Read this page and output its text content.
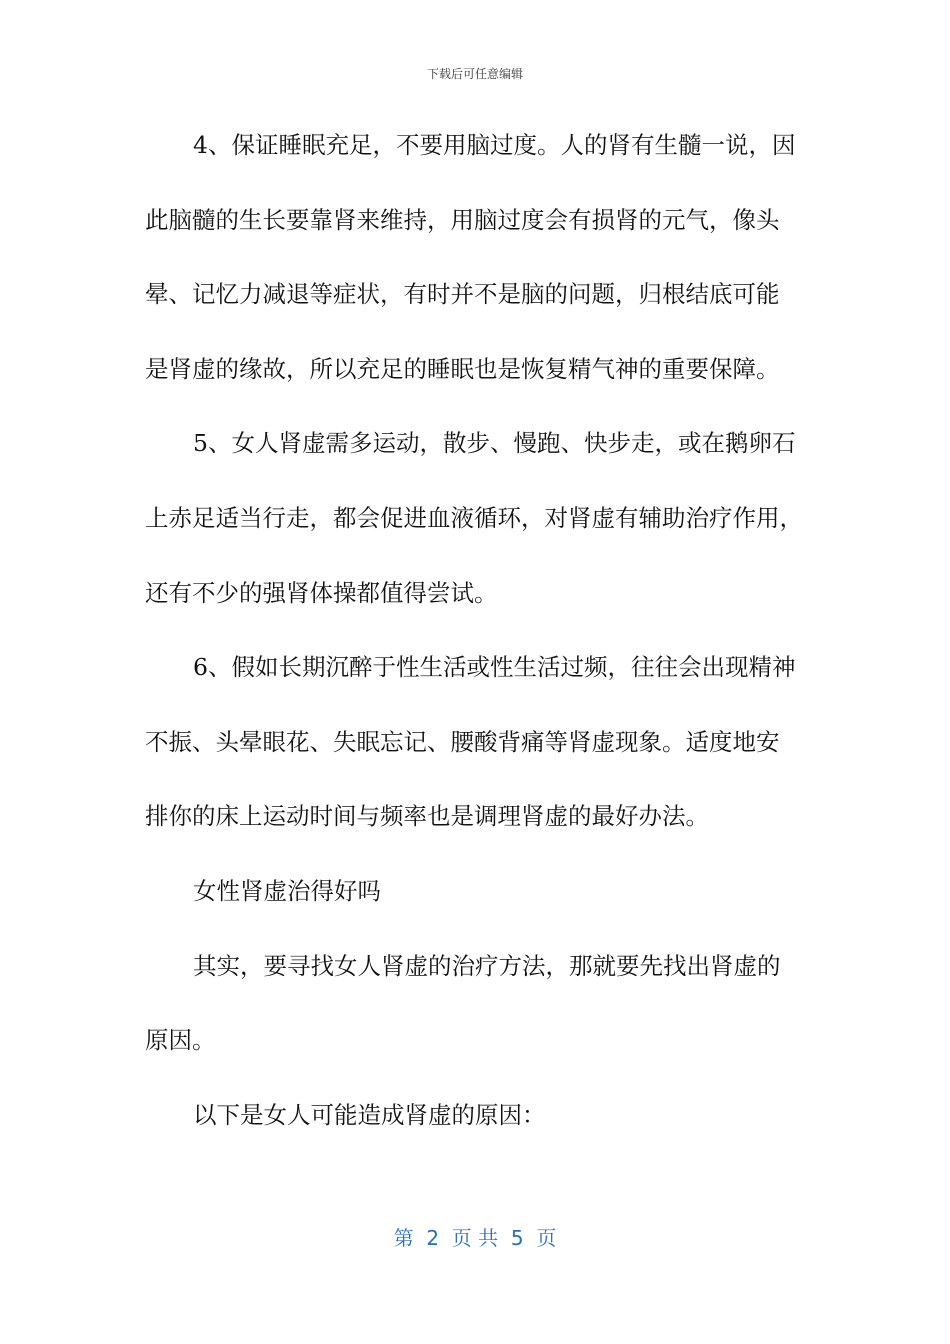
下载后可任意编辑
4、保证睡眠充足，不要用脑过度。人的肾有生髓一说，因
此脑髓的生长要靠肾来维持，用脑过度会有损肾的元气，像头
晕、记忆力减退等症状，有时并不是脑的问题，归根结底可能
是肾虚的缘故，所以充足的睡眠也是恢复精气神的重要保障。
5、女人肾虚需多运动，散步、慢跑、快步走，或在鹅卵石
上赤足适当行走，都会促进血液循环，对肾虚有辅助治疗作用，
还有不少的强肾体操都值得尝试。
6、假如长期沉醉于性生活或性生活过频，往往会出现精神
不振、头晕眼花、失眠忘记、腰酸背痛等肾虚现象。适度地安
排你的床上运动时间与频率也是调理肾虚的最好办法。
女性肾虚治得好吗
其实，要寻找女人肾虚的治疗方法，那就要先找出肾虚的
原因。
以下是女人可能造成肾虚的原因：
第  2  页 共  5  页
